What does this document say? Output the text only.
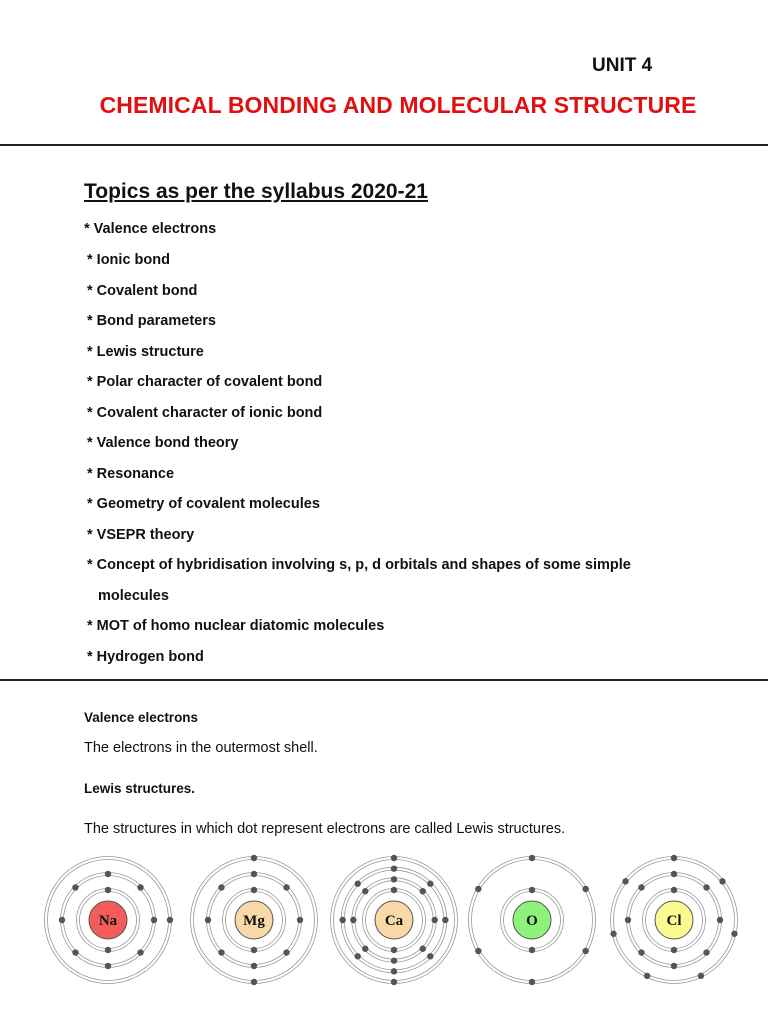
UNIT 4
CHEMICAL BONDING AND MOLECULAR STRUCTURE
Topics as per the syllabus 2020-21
* Valence electrons
* Ionic bond
* Covalent bond
* Bond parameters
* Lewis structure
* Polar character of covalent bond
* Covalent character of ionic bond
* Valence bond theory
* Resonance
* Geometry of covalent molecules
* VSEPR theory
* Concept of hybridisation involving s, p, d orbitals and shapes of some simple
molecules
* MOT of homo nuclear diatomic molecules
* Hydrogen bond
Valence electrons
The electrons in the outermost shell.
Lewis structures.
The structures in which dot represent electrons are called Lewis structures.
Na	Mg	Ca	O	Cl
